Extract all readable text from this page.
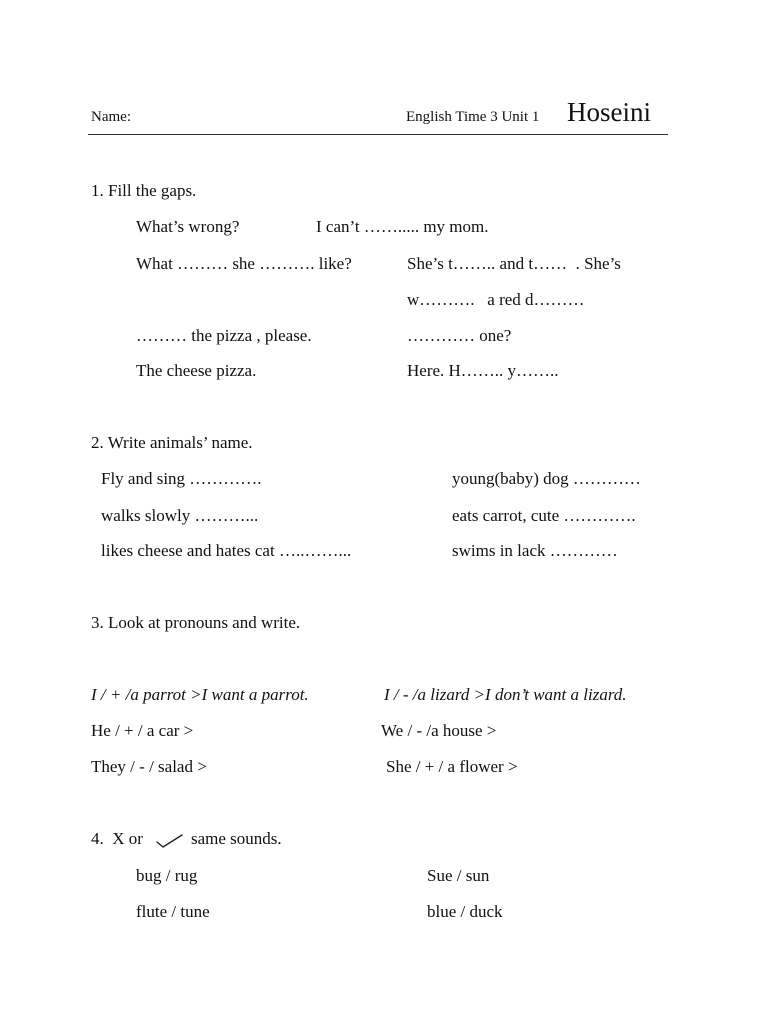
Name:	English Time 3 Unit 1 Hoseini
1. Fill the gaps.
What’s wrong?	I can’t ……..... my mom.
What ……… she ………. like?	She’s t…….. and t……  . She’s
w……….   a red d………
……… the pizza , please.	………… one?
The cheese pizza.	Here. H…….. y……..
2. Write animals’ name.
Fly and sing ………….	young(baby) dog …………
walks slowly ………...	eats carrot, cute ………….
likes cheese and hates cat …..……...	swims in lack …………
3. Look at pronouns and write.
I / + /a parrot >I want a parrot.	I / - /a lizard >I don’t want a lizard.
He / + / a car >	We / - /a house >
They / - / salad >	She / + / a flower >
4.  X or	same sounds.
bug / rug	Sue / sun
flute / tune	blue / duck
